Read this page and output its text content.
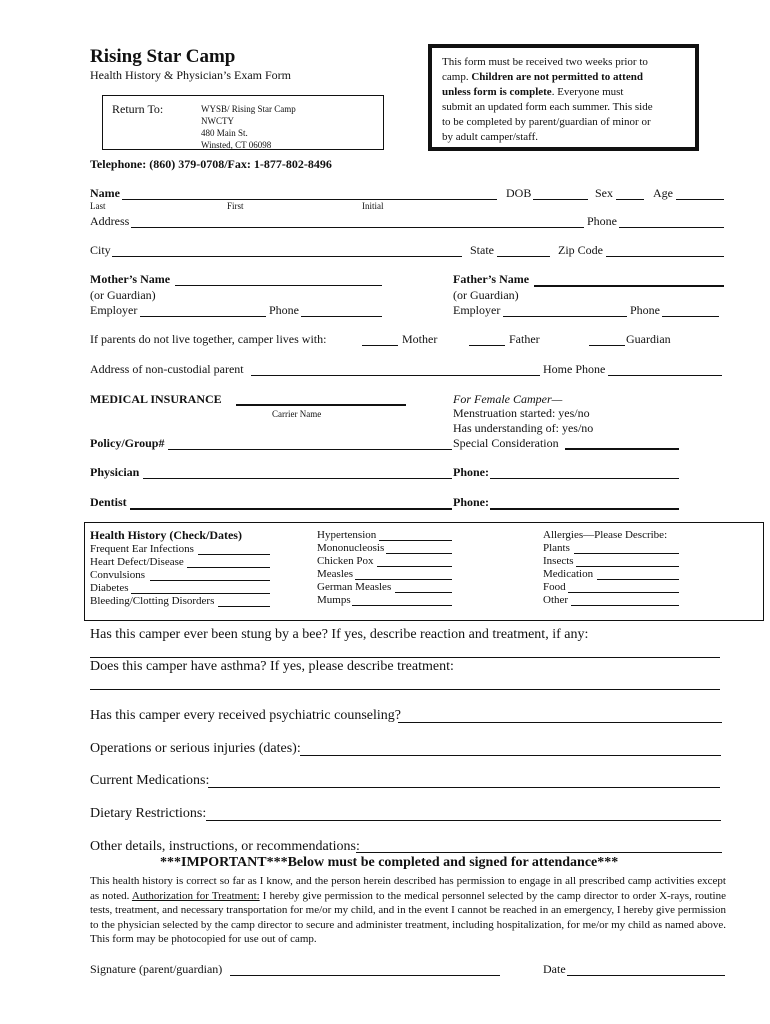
Rising Star Camp
Health History & Physician’s Exam Form
Return To:	WYSB/ Rising Star Camp
NWCTY
480 Main St.
Winsted, CT 06098
This form must be received two weeks prior to
camp. Children are not permitted to attend
unless form is complete. Everyone must
submit an updated form each summer. This side
to be completed by parent/guardian of minor or
by adult camper/staff.
Telephone: (860) 379-0708/Fax: 1-877-802-8496
Name	DOB	Sex	Age
Last	First	Initial
Address	Phone
City	State	Zip Code
Mother’s Name
(or Guardian)
Employer	Phone
Father’s Name
(or Guardian)
Employer	Phone
If parents do not live together, camper lives with:	Mother	Father	Guardian
Address of non-custodial parent	Home Phone
MEDICAL INSURANCE
Carrier Name
For Female Camper—
Menstruation started: yes/no
Has understanding of: yes/no
Policy/Group#	Special Consideration
Physician	Phone:
Dentist	Phone:
Health History (Check/Dates)
Frequent Ear Infections
Heart Defect/Disease
Convulsions
Diabetes
Bleeding/Clotting Disorders
Hypertension
Mononucleosis
Chicken Pox
Measles
German Measles
Mumps
Allergies—Please Describe:
Plants
Insects
Medication
Food
Other
Has this camper ever been stung by a bee? If yes, describe reaction and treatment, if any:
Does this camper have asthma? If yes, please describe treatment:
Has this camper every received psychiatric counseling?
Operations or serious injuries (dates):
Current Medications:
Dietary Restrictions:
Other details, instructions, or recommendations:
***IMPORTANT***Below must be completed and signed for attendance***
This health history is correct so far as I know, and the person herein described has permission to engage in all prescribed camp activities except as noted. Authorization for Treatment: I hereby give permission to the medical personnel selected by the camp director to order X-rays, routine tests, treatment, and necessary transportation for me/or my child, and in the event I cannot be reached in an emergency, I hereby give permission to the physician selected by the camp director to secure and administer treatment, including hospitalization, for me/or my child as named above. This form may be photocopied for use out of camp.
Signature (parent/guardian)	Date
